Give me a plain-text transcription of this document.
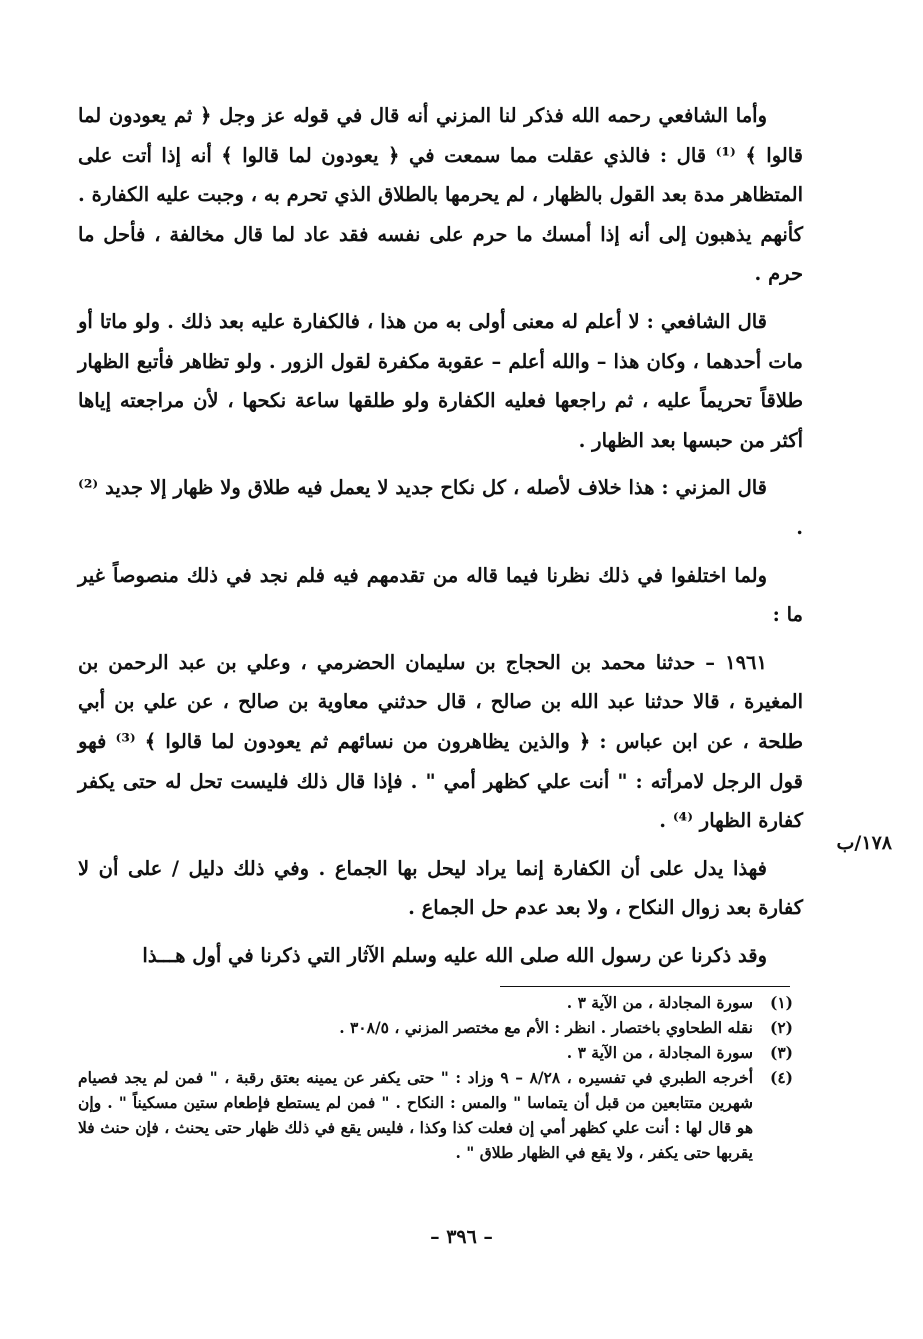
وأما الشافعي رحمه الله فذكر لنا المزني أنه قال في قوله عز وجل ﴿ ثم يعودون لما قالوا ﴾ ⁽¹⁾ قال : فالذي عقلت مما سمعت في ﴿ يعودون لما قالوا ﴾ أنه إذا أتت على المتظاهر مدة بعد القول بالظهار ، لم يحرمها بالطلاق الذي تحرم به ، وجبت عليه الكفارة . كأنهم يذهبون إلى أنه إذا أمسك ما حرم على نفسه فقد عاد لما قال مخالفة ، فأحل ما حرم .

قال الشافعي : لا أعلم له معنى أولى به من هذا ، فالكفارة عليه بعد ذلك . ولو ماتا أو مات أحدهما ، وكان هذا – والله أعلم – عقوبة مكفرة لقول الزور . ولو تظاهر فأتبع الظهار طلاقاً تحريماً عليه ، ثم راجعها فعليه الكفارة ولو طلقها ساعة نكحها ، لأن مراجعته إياها أكثر من حبسها بعد الظهار .

قال المزني : هذا خلاف لأصله ، كل نكاح جديد لا يعمل فيه طلاق ولا ظهار إلا جديد ⁽²⁾ .

ولما اختلفوا في ذلك نظرنا فيما قاله من تقدمهم فيه فلم نجد في ذلك منصوصاً غير ما :

١٩٦١ – حدثنا محمد بن الحجاج بن سليمان الحضرمي ، وعلي بن عبد الرحمن بن المغيرة ، قالا حدثنا عبد الله بن صالح ، قال حدثني معاوية بن صالح ، عن علي بن أبي طلحة ، عن ابن عباس : ﴿ والذين يظاهرون من نسائهم ثم يعودون لما قالوا ﴾ ⁽³⁾ فهو قول الرجل لامرأته : " أنت علي كظهر أمي " . فإذا قال ذلك فليست تحل له حتى يكفر كفارة الظهار ⁽⁴⁾ .

فهذا يدل على أن الكفارة إنما يراد ليحل بها الجماع . وفي ذلك دليل / على أن لا كفارة بعد زوال النكاح ، ولا بعد عدم حل الجماع .

وقد ذكرنا عن رسول الله صلى الله عليه وسلم الآثار التي ذكرنا في أول هـــذا

١٧٨/ب
(١)
سورة المجادلة ، من الآية ٣ .
(٢)
نقله الطحاوي باختصار . انظر : الأم مع مختصر المزني ، ٣٠٨/٥ .
(٣)
سورة المجادلة ، من الآية ٣ .
(٤)
أخرجه الطبري في تفسيره ، ٨/٢٨ – ٩ وزاد : " حتى يكفر عن يمينه بعتق رقبة ، " فمن لم يجد فصيام شهرين متتابعين من قبل أن يتماسا " والمس : النكاح . " فمن لم يستطع فإطعام ستين مسكيناً " . وإن هو قال لها : أنت علي كظهر أمي إن فعلت كذا وكذا ، فليس يقع في ذلك ظهار حتى يحنث ، فإن حنث فلا يقربها حتى يكفر ، ولا يقع في الظهار طلاق " .
– ٣٩٦ –
